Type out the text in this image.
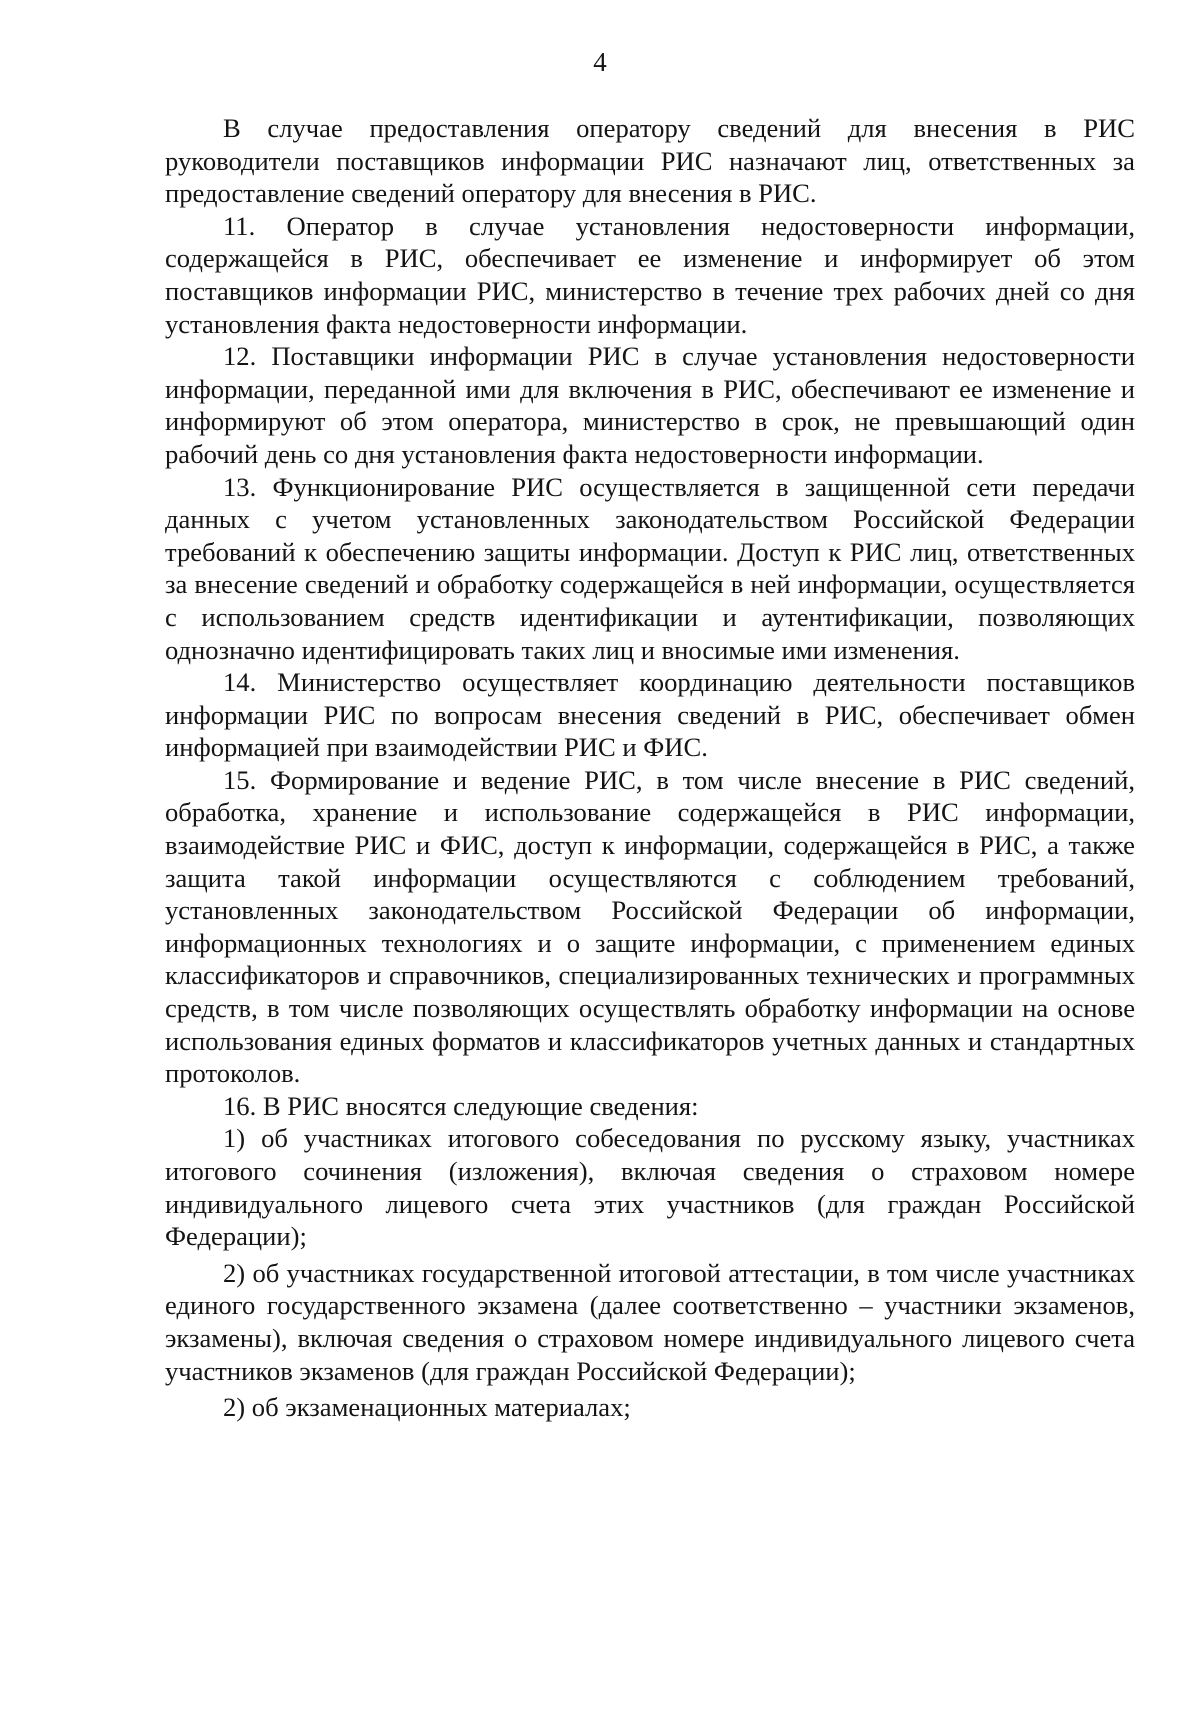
4

В случае предоставления оператору сведений для внесения в РИС руководители поставщиков информации РИС назначают лиц, ответственных за предоставление сведений оператору для внесения в РИС.

11. Оператор в случае установления недостоверности информации, содержащейся в РИС, обеспечивает ее изменение и информирует об этом поставщиков информации РИС, министерство в течение трех рабочих дней со дня установления факта недостоверности информации.

12. Поставщики информации РИС в случае установления недостоверности информации, переданной ими для включения в РИС, обеспечивают ее изменение и информируют об этом оператора, министерство в срок, не превышающий один рабочий день со дня установления факта недостоверности информации.

13. Функционирование РИС осуществляется в защищенной сети передачи данных с учетом установленных законодательством Российской Федерации требований к обеспечению защиты информации. Доступ к РИС лиц, ответственных за внесение сведений и обработку содержащейся в ней информации, осуществляется с использованием средств идентификации и аутентификации, позволяющих однозначно идентифицировать таких лиц и вносимые ими изменения.

14. Министерство осуществляет координацию деятельности поставщиков информации РИС по вопросам внесения сведений в РИС, обеспечивает обмен информацией при взаимодействии РИС и ФИС.

15. Формирование и ведение РИС, в том числе внесение в РИС сведений, обработка, хранение и использование содержащейся в РИС информации, взаимодействие РИС и ФИС, доступ к информации, содержащейся в РИС, а также защита такой информации осуществляются с соблюдением требований, установленных законодательством Российской Федерации об информации, информационных технологиях и о защите информации, с применением единых классификаторов и справочников, специализированных технических и программных средств, в том числе позволяющих осуществлять обработку информации на основе использования единых форматов и классификаторов учетных данных и стандартных протоколов.

16. В РИС вносятся следующие сведения:

1) об участниках итогового собеседования по русскому языку, участниках итогового сочинения (изложения), включая сведения о страховом номере индивидуального лицевого счета этих участников (для граждан Российской Федерации);

2) об участниках государственной итоговой аттестации, в том числе участниках единого государственного экзамена (далее соответственно – участники экзаменов, экзамены), включая сведения о страховом номере индивидуального лицевого счета участников экзаменов (для граждан Российской Федерации);

2) об экзаменационных материалах;
